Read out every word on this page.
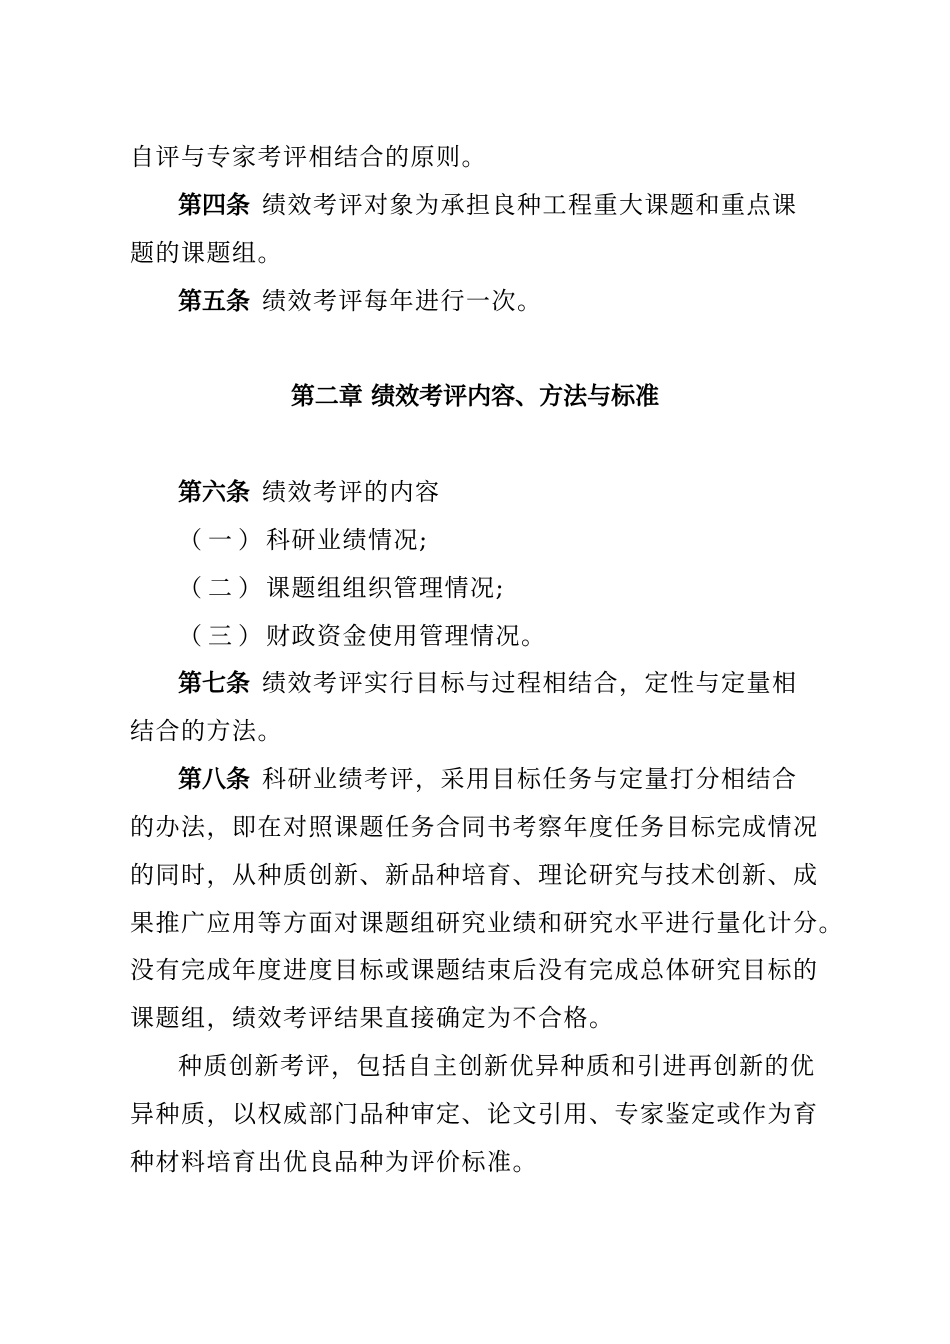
自评与专家考评相结合的原则。
第四条 绩效考评对象为承担良种工程重大课题和重点课
题的课题组。
第五条 绩效考评每年进行一次。
第二章 绩效考评内容、方法与标准
第六条 绩效考评的内容
（一）科研业绩情况;
（二）课题组组织管理情况;
（三）财政资金使用管理情况。
第七条 绩效考评实行目标与过程相结合，定性与定量相
结合的方法。
第八条 科研业绩考评，采用目标任务与定量打分相结合
的办法，即在对照课题任务合同书考察年度任务目标完成情况
的同时，从种质创新、新品种培育、理论研究与技术创新、成
果推广应用等方面对课题组研究业绩和研究水平进行量化计分。
没有完成年度进度目标或课题结束后没有完成总体研究目标的
课题组，绩效考评结果直接确定为不合格。
种质创新考评，包括自主创新优异种质和引进再创新的优
异种质，以权威部门品种审定、论文引用、专家鉴定或作为育
种材料培育出优良品种为评价标准。
